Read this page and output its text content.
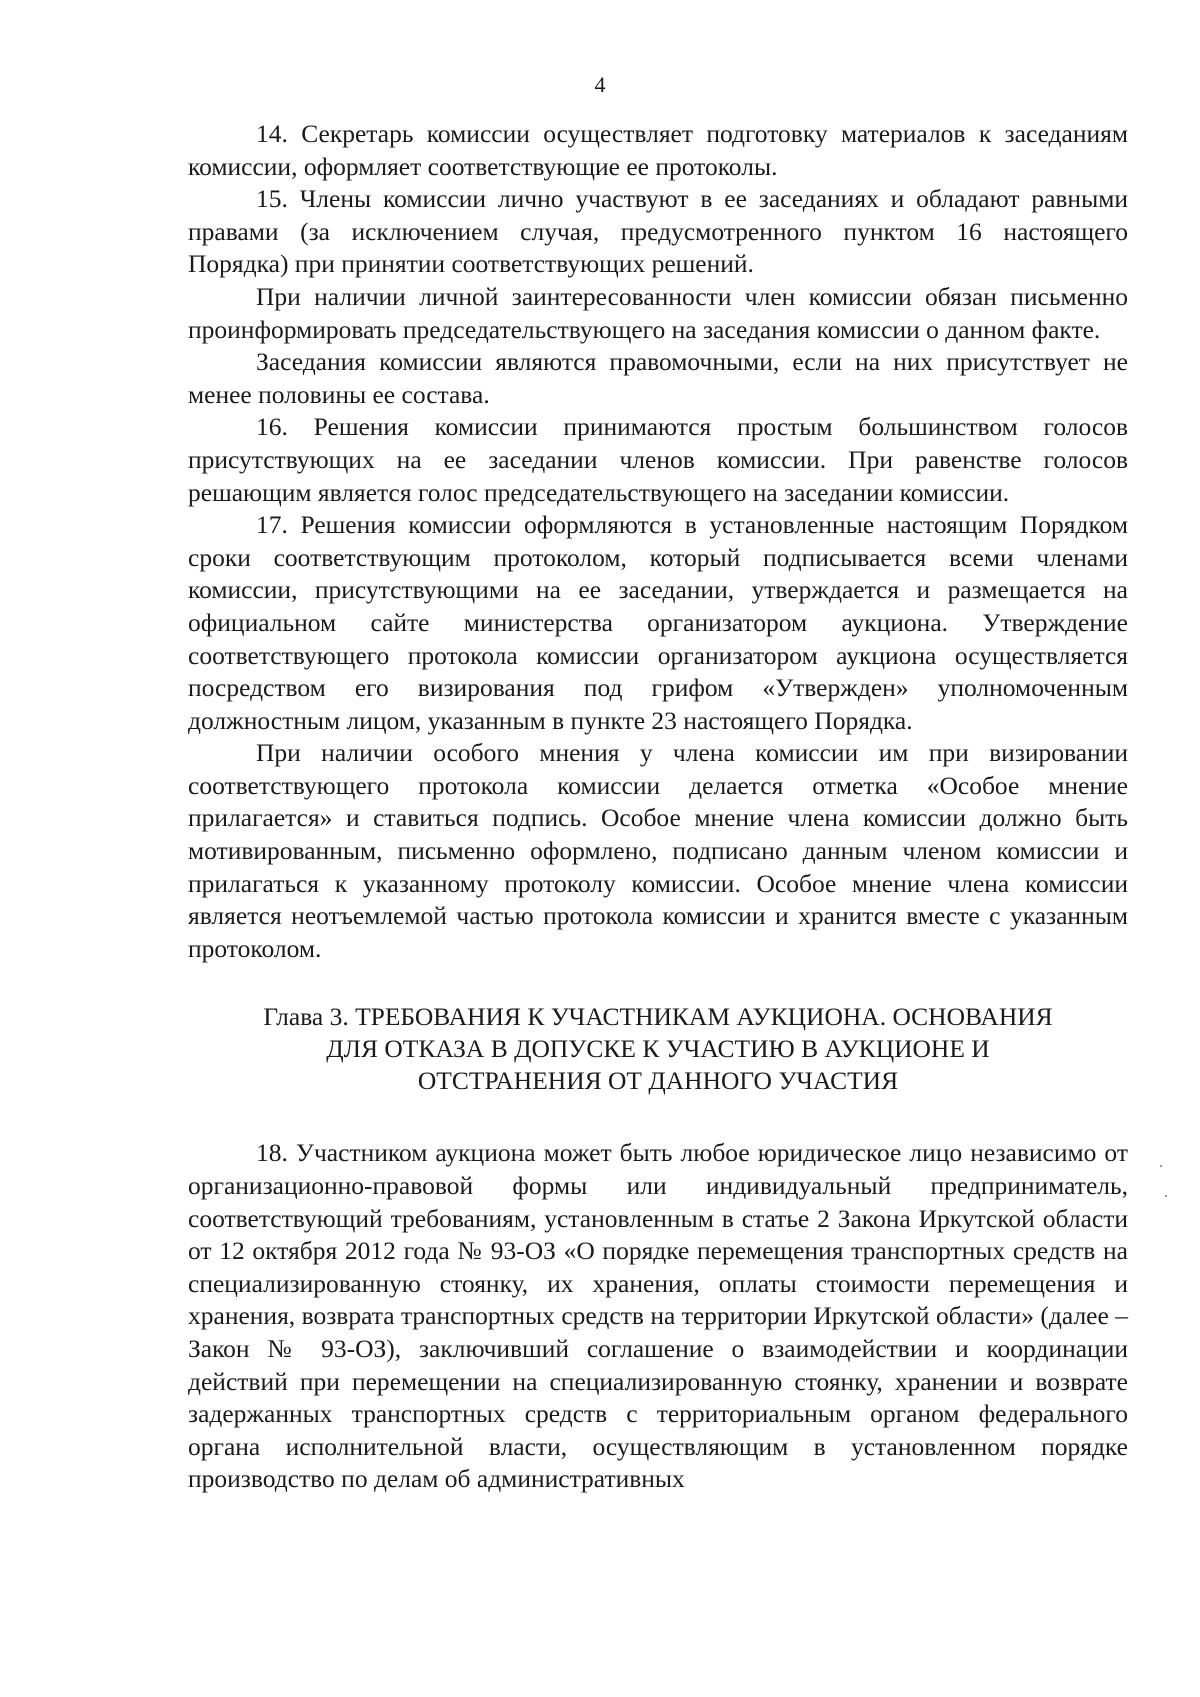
4

14. Секретарь комиссии осуществляет подготовку материалов к заседаниям комиссии, оформляет соответствующие ее протоколы.

15. Члены комиссии лично участвуют в ее заседаниях и обладают равными правами (за исключением случая, предусмотренного пунктом 16 настоящего Порядка) при принятии соответствующих решений.

При наличии личной заинтересованности член комиссии обязан письменно проинформировать председательствующего на заседания комиссии о данном факте.

Заседания комиссии являются правомочными, если на них присутствует не менее половины ее состава.

16. Решения комиссии принимаются простым большинством голосов присутствующих на ее заседании членов комиссии. При равенстве голосов решающим является голос председательствующего на заседании комиссии.

17. Решения комиссии оформляются в установленные настоящим Порядком сроки соответствующим протоколом, который подписывается всеми членами комиссии, присутствующими на ее заседании, утверждается и размещается на официальном сайте министерства организатором аукциона. Утверждение соответствующего протокола комиссии организатором аукциона осуществляется посредством его визирования под грифом «Утвержден» уполномоченным должностным лицом, указанным в пункте 23 настоящего Порядка.

При наличии особого мнения у члена комиссии им при визировании соответствующего протокола комиссии делается отметка «Особое мнение прилагается» и ставиться подпись. Особое мнение члена комиссии должно быть мотивированным, письменно оформлено, подписано данным членом комиссии и прилагаться к указанному протоколу комиссии. Особое мнение члена комиссии является неотъемлемой частью протокола комиссии и хранится вместе с указанным протоколом.

Глава 3. ТРЕБОВАНИЯ К УЧАСТНИКАМ АУКЦИОНА. ОСНОВАНИЯ
ДЛЯ ОТКАЗА В ДОПУСКЕ К УЧАСТИЮ В АУКЦИОНЕ И
ОТСТРАНЕНИЯ ОТ ДАННОГО УЧАСТИЯ

18. Участником аукциона может быть любое юридическое лицо независимо от организационно-правовой формы или индивидуальный предприниматель, соответствующий требованиям, установленным в статье 2 Закона Иркутской области от 12 октября 2012 года № 93-ОЗ «О порядке перемещения транспортных средств на специализированную стоянку, их хранения, оплаты стоимости перемещения и хранения, возврата транспортных средств на территории Иркутской области» (далее – Закон № 93-ОЗ), заключивший соглашение о взаимодействии и координации действий при перемещении на специализированную стоянку, хранении и возврате задержанных транспортных средств с территориальным органом федерального органа исполнительной власти, осуществляющим в установленном порядке производство по делам об административных
